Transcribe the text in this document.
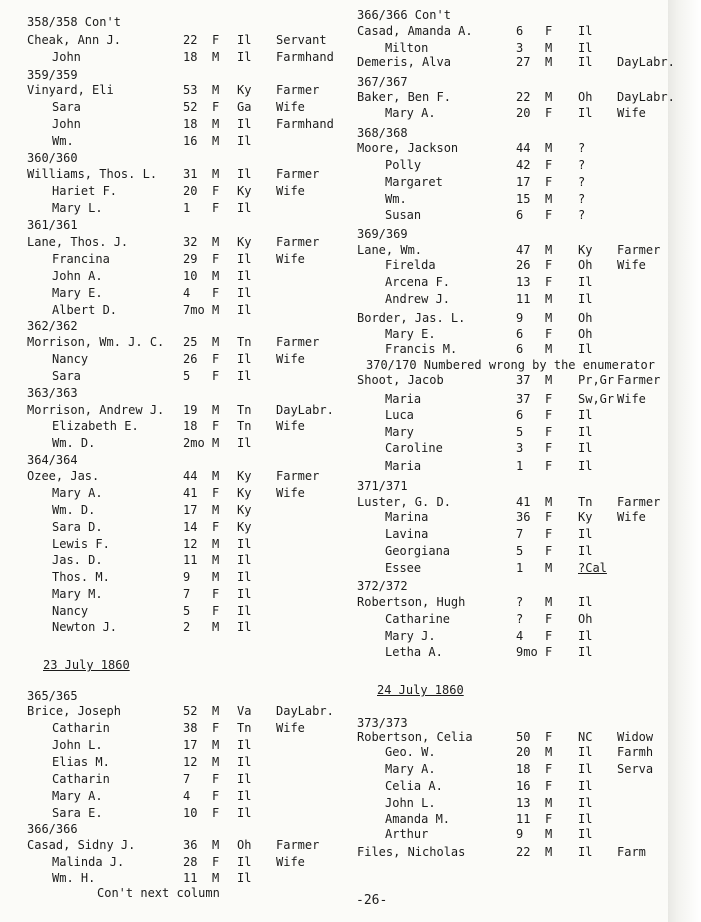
358/358 Con't
Cheak, Ann J.	22 F Il Servant
John	18 M Il Farmhand
359/359
Vinyard, Eli	53 M Ky Farmer
Sara	52 F Ga Wife
John	18 M Il Farmhand
Wm.	16 M Il
360/360
Williams, Thos. L. 31 M Il Farmer
Hariet F.	20 F Ky Wife
Mary L.	1 F Il
361/361
Lane, Thos. J.	32 M Ky Farmer
Francina	29 F Il Wife
John A.	10 M Il
Mary E.	4 F Il
Albert D.	7mo M Il
362/362
Morrison, Wm. J. C. 25 M Tn Farmer
Nancy	26 F Il Wife
Sara	5 F Il
363/363
Morrison, Andrew J. 19 M Tn DayLabr.
Elizabeth E.	18 F Tn Wife
Wm. D.	2mo M Il
364/364
Ozee, Jas.	44 M Ky Farmer
Mary A.	41 F Ky Wife
Wm. D.	17 M Ky
Sara D.	14 F Ky
Lewis F.	12 M Il
Jas. D.	11 M Il
Thos. M.	9 M Il
Mary M.	7 F Il
Nancy	5 F Il
Newton J.	2 M Il
23 July 1860
365/365
Brice, Joseph	52 M Va DayLabr.
Catharin	38 F Tn Wife
John L.	17 M Il
Elias M.	12 M Il
Catharin	7 F Il
Mary A.	4 F Il
Sara E.	10 F Il
366/366
Casad, Sidny J.	36 M Oh Farmer
Malinda J.	28 F Il Wife
Wm. H.	11 M Il
Con't next column
366/366 Con't
Casad, Amanda A.	6 F Il
Milton	3 M Il
Demeris, Alva	27 M Il DayLabr.
367/367
Baker, Ben F.	22 M Oh DayLabr.
Mary A.	20 F Il Wife
368/368
Moore, Jackson	44 M ?
Polly	42 F ?
Margaret	17 F ?
Wm.	15 M ?
Susan	6 F ?
369/369
Lane, Wm.	47 M Ky Farmer
Firelda	26 F Oh Wife
Arcena F.	13 F Il
Andrew J.	11 M Il
Border, Jas. L.	9 M Oh
Mary E.	6 F Oh
Francis M.	6 M Il
370/170 Numbered wrong by the enumerator
Shoot, Jacob	37 M Pr,Gr Farmer
Maria	37 F Sw,Gr Wife
Luca	6 F Il
Mary	5 F Il
Caroline	3 F Il
Maria	1 F Il
371/371
Luster, G. D.	41 M Tn Farmer
Marina	36 F Ky Wife
Lavina	7 F Il
Georgiana	5 F Il
Essee	1 M ?Cal
372/372
Robertson, Hugh	? M Il
Catharine	? F Oh
Mary J.	4 F Il
Letha A.	9mo F Il
24 July 1860
373/373
Robertson, Celia	50 F NC Widow
Geo. W.	20 M Il Farmh
Mary A.	18 F Il Serva
Celia A.	16 F Il
John L.	13 M Il
Amanda M.	11 F Il
Arthur	9 M Il
Files, Nicholas	22 M Il Farm
-26-
